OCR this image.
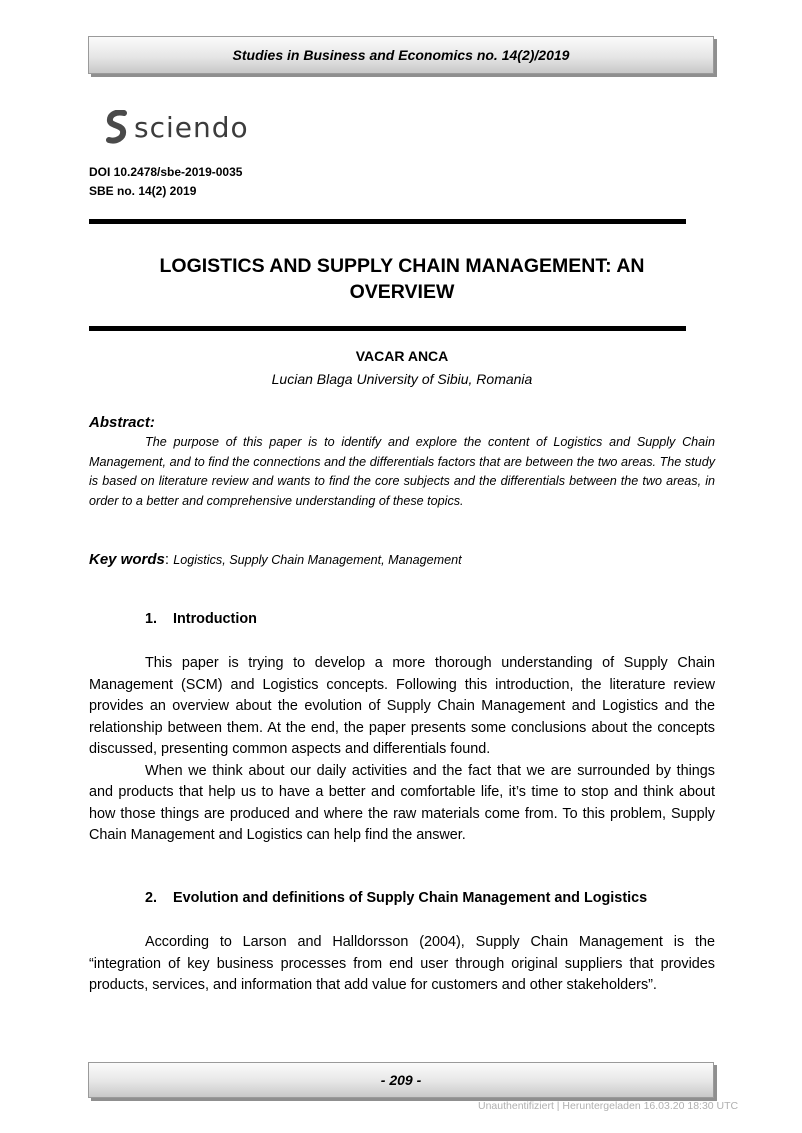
Studies in Business and Economics no. 14(2)/2019
sciendo
DOI 10.2478/sbe-2019-0035
SBE no. 14(2) 2019
LOGISTICS AND SUPPLY CHAIN MANAGEMENT: AN
OVERVIEW
VACAR ANCA
Lucian Blaga University of Sibiu, Romania
Abstract:
The purpose of this paper is to identify and explore the content of Logistics and Supply Chain Management, and to find the connections and the differentials factors that are between the two areas. The study is based on literature review and wants to find the core subjects and the differentials between the two areas, in order to a better and comprehensive understanding of these topics.
Key words: Logistics, Supply Chain Management, Management
1. Introduction

This paper is trying to develop a more thorough understanding of Supply Chain Management (SCM) and Logistics concepts. Following this introduction, the literature review provides an overview about the evolution of Supply Chain Management and Logistics and the relationship between them. At the end, the paper presents some conclusions about the concepts discussed, presenting common aspects and differentials found.

When we think about our daily activities and the fact that we are surrounded by things and products that help us to have a better and comfortable life, it’s time to stop and think about how those things are produced and where the raw materials come from. To this problem, Supply Chain Management and Logistics can help find the answer.

2. Evolution and definitions of Supply Chain Management and Logistics

According to Larson and Halldorsson (2004), Supply Chain Management is the “integration of key business processes from end user through original suppliers that provides products, services, and information that add value for customers and other stakeholders”.

- 209 -
Unauthentifiziert | Heruntergeladen 16.03.20 18:30 UTC
